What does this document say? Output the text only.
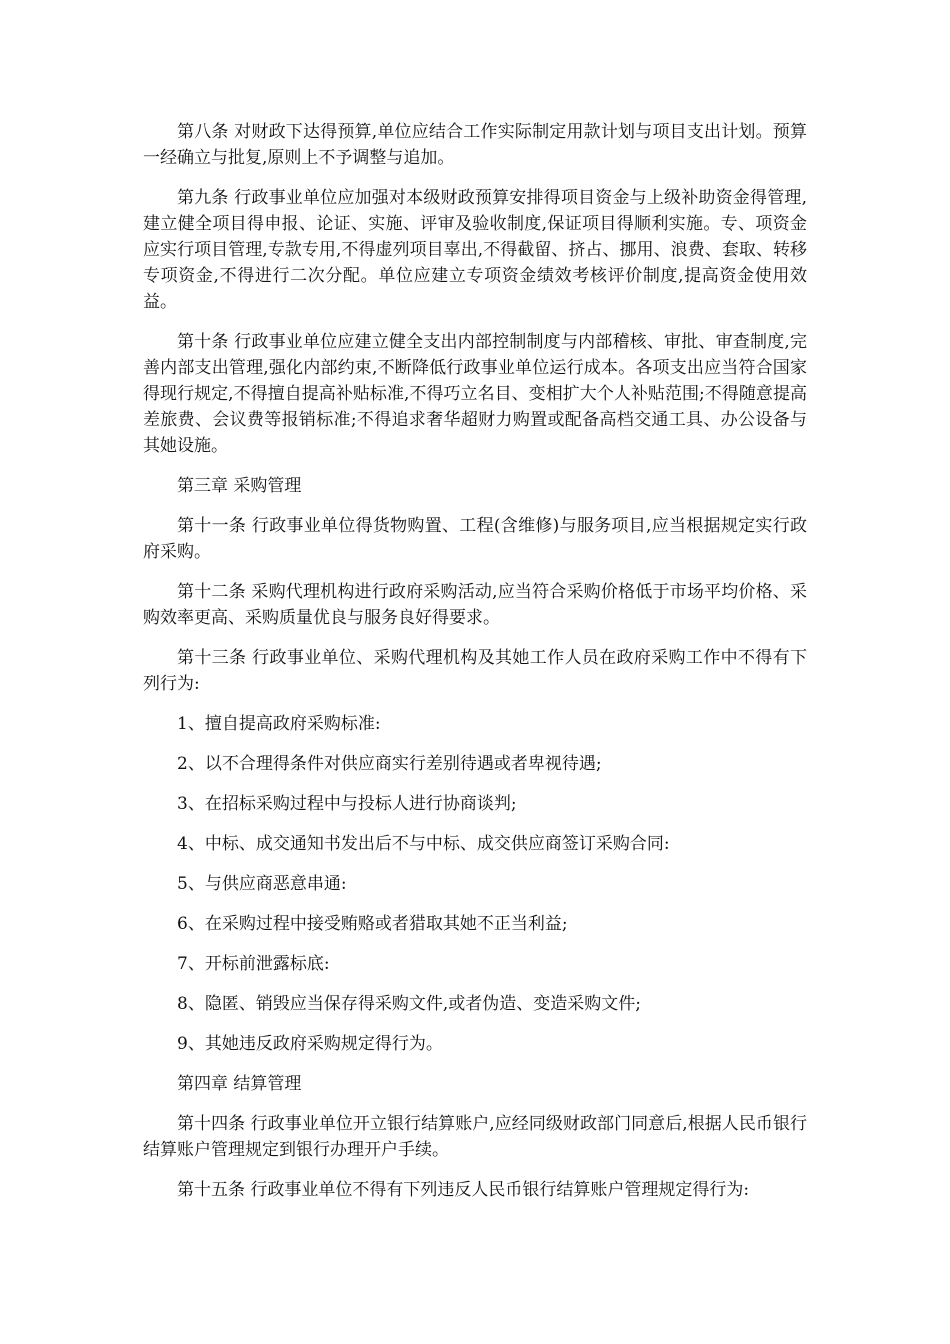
第八条 对财政下达得预算,单位应结合工作实际制定用款计划与项目支出计划。预算一经确立与批复,原则上不予调整与追加。

第九条 行政事业单位应加强对本级财政预算安排得项目资金与上级补助资金得管理,建立健全项目得申报、论证、实施、评审及验收制度,保证项目得顺利实施。专、项资金应实行项目管理,专款专用,不得虚列项目辜出,不得截留、挤占、挪用、浪费、套取、转移专项资金,不得进行二次分配。单位应建立专项资金绩效考核评价制度,提高资金使用效益。

第十条 行政事业单位应建立健全支出内部控制制度与内部稽核、审批、审查制度,完善内部支出管理,强化内部约束,不断降低行政事业单位运行成本。各项支出应当符合国家得现行规定,不得擅自提高补贴标准,不得巧立名目、变相扩大个人补贴范围;不得随意提高差旅费、会议费等报销标准;不得追求奢华超财力购置或配备高档交通工具、办公设备与其她设施。

第三章 采购管理

第十一条 行政事业单位得货物购置、工程(含维修)与服务项目,应当根据规定实行政府采购。

第十二条 采购代理机构进行政府采购活动,应当符合采购价格低于市场平均价格、采购效率更高、采购质量优良与服务良好得要求。

第十三条 行政事业单位、采购代理机构及其她工作人员在政府采购工作中不得有下列行为:

1、擅自提高政府采购标准:

2、以不合理得条件对供应商实行差别待遇或者卑视待遇;

3、在招标采购过程中与投标人进行协商谈判;

4、中标、成交通知书发出后不与中标、成交供应商签订采购合同:

5、与供应商恶意串通:

6、在采购过程中接受贿赂或者猎取其她不正当利益;

7、开标前泄露标底:

8、隐匿、销毁应当保存得采购文件,或者伪造、变造采购文件;

9、其她违反政府采购规定得行为。

第四章 结算管理

第十四条 行政事业单位开立银行结算账户,应经同级财政部门同意后,根据人民币银行结算账户管理规定到银行办理开户手续。

第十五条 行政事业单位不得有下列违反人民币银行结算账户管理规定得行为:
